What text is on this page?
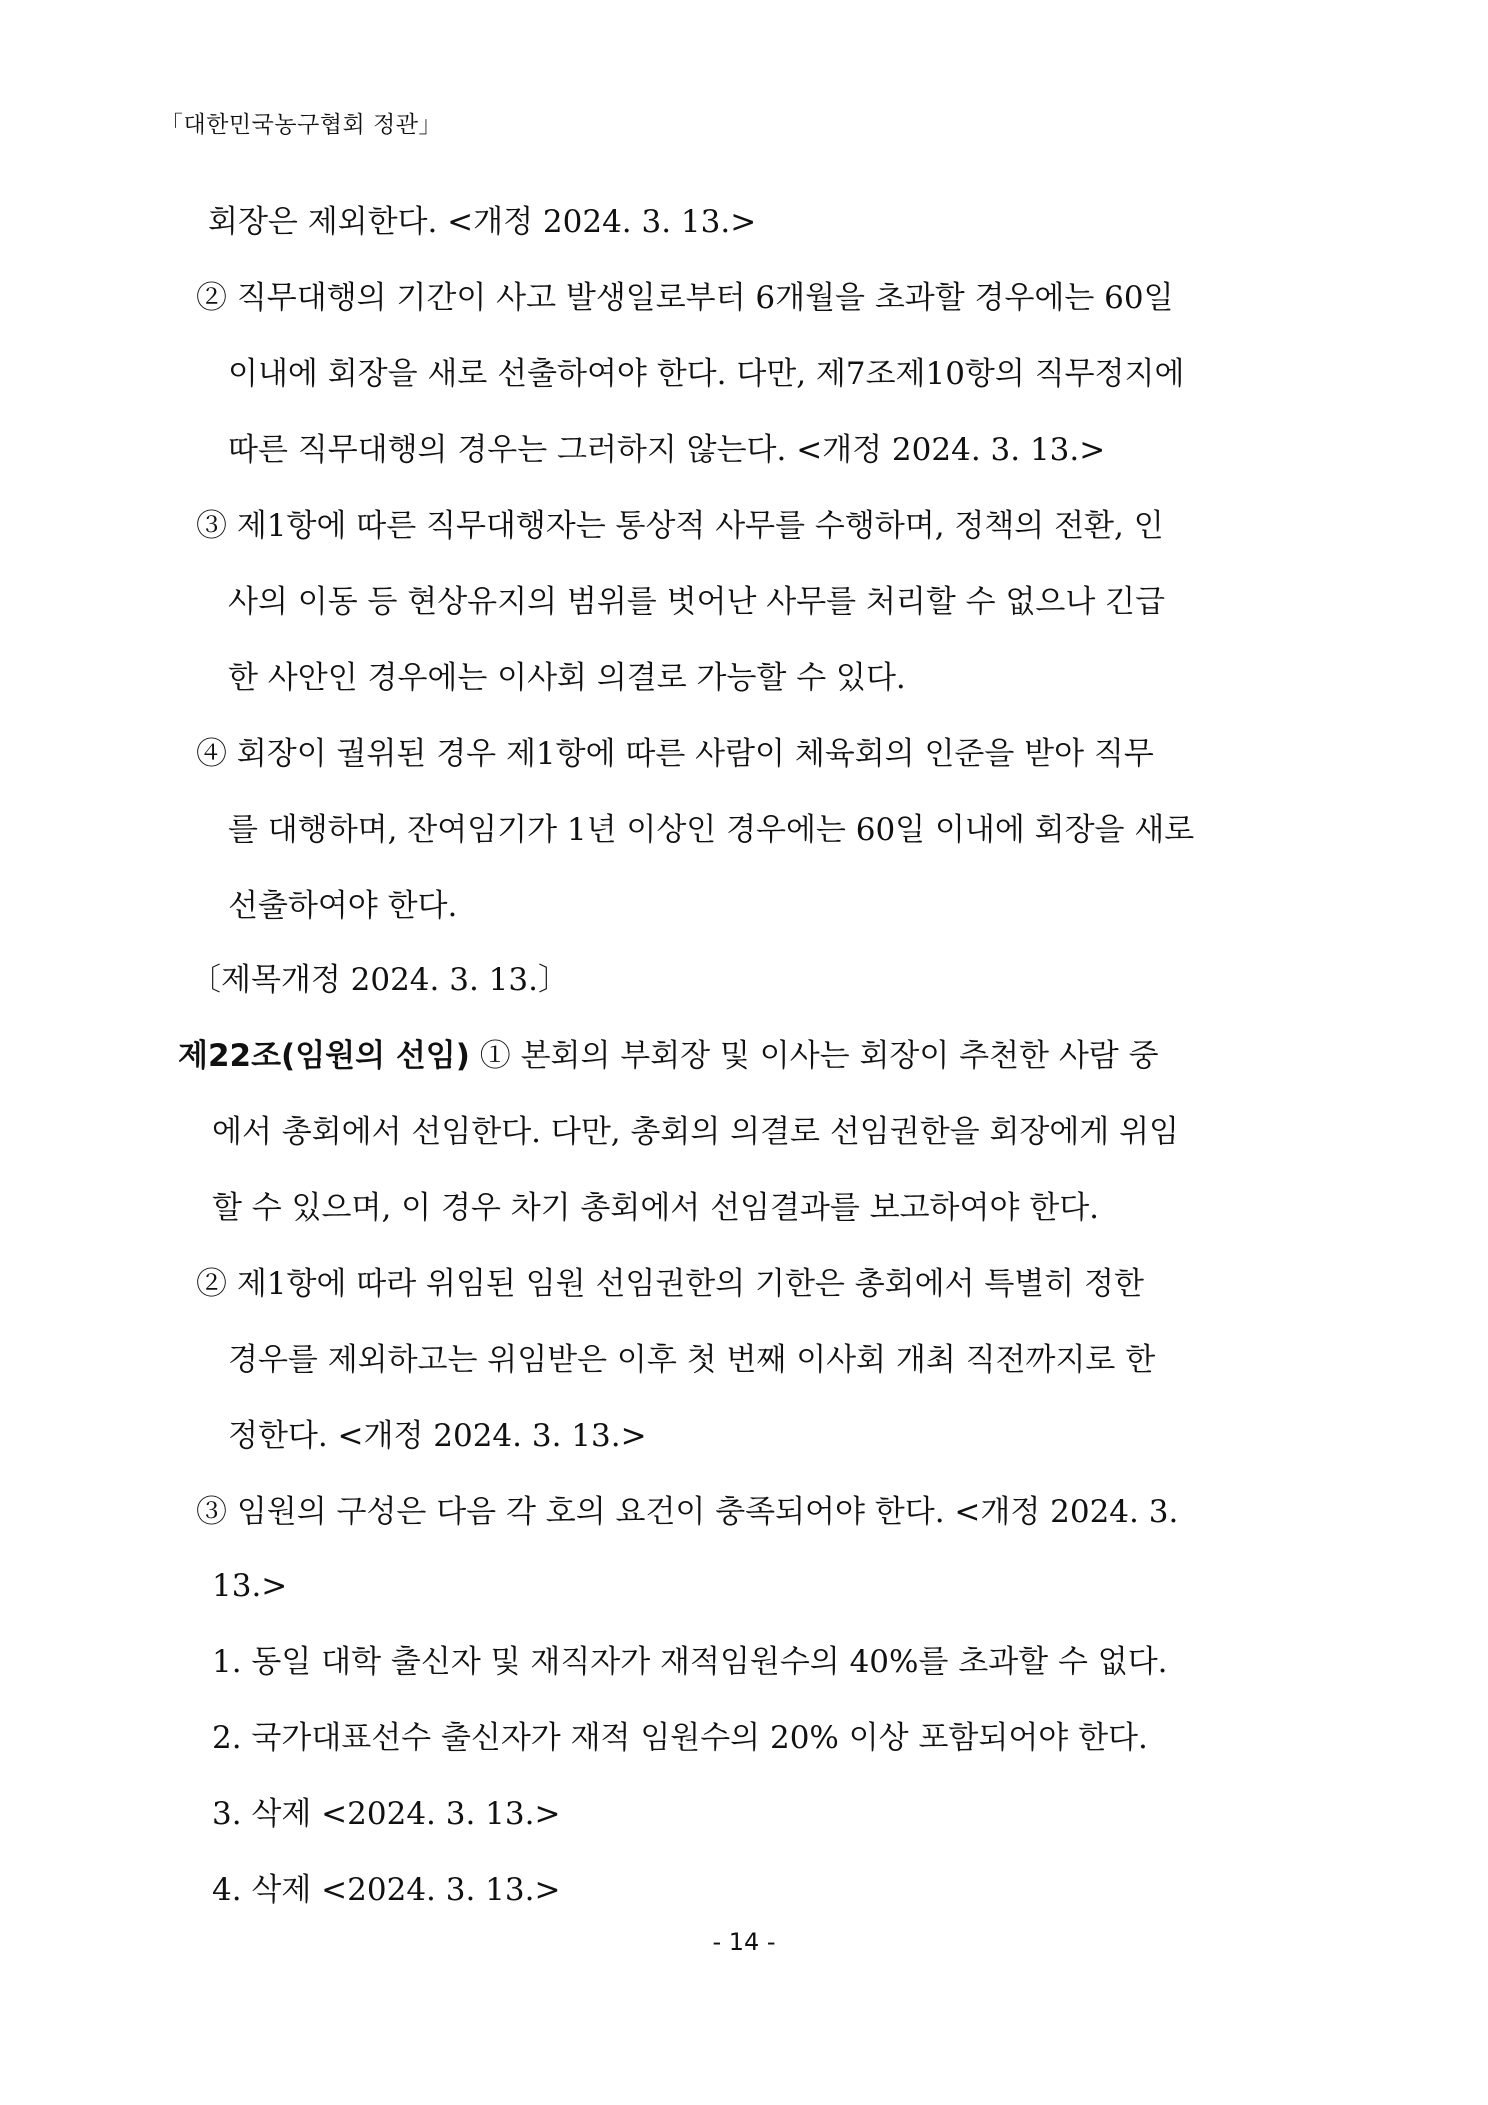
「대한민국농구협회 정관」
회장은 제외한다. <개정 2024. 3. 13.>
② 직무대행의 기간이 사고 발생일로부터 6개월을 초과할 경우에는 60일
이내에 회장을 새로 선출하여야 한다. 다만, 제7조제10항의 직무정지에
따른 직무대행의 경우는 그러하지 않는다. <개정 2024. 3. 13.>
③ 제1항에 따른 직무대행자는 통상적 사무를 수행하며, 정책의 전환, 인
사의 이동 등 현상유지의 범위를 벗어난 사무를 처리할 수 없으나 긴급
한 사안인 경우에는 이사회 의결로 가능할 수 있다.
④ 회장이 궐위된 경우 제1항에 따른 사람이 체육회의 인준을 받아 직무
를 대행하며, 잔여임기가 1년 이상인 경우에는 60일 이내에 회장을 새로
선출하여야 한다.
〔제목개정 2024. 3. 13.〕
제22조(임원의 선임) ① 본회의 부회장 및 이사는 회장이 추천한 사람 중
에서 총회에서 선임한다. 다만, 총회의 의결로 선임권한을 회장에게 위임
할 수 있으며, 이 경우 차기 총회에서 선임결과를 보고하여야 한다.
② 제1항에 따라 위임된 임원 선임권한의 기한은 총회에서 특별히 정한
경우를 제외하고는 위임받은 이후 첫 번째 이사회 개최 직전까지로 한
정한다. <개정 2024. 3. 13.>
③ 임원의 구성은 다음 각 호의 요건이 충족되어야 한다. <개정 2024. 3.
13.>
1. 동일 대학 출신자 및 재직자가 재적임원수의 40%를 초과할 수 없다.
2. 국가대표선수 출신자가 재적 임원수의 20% 이상 포함되어야 한다.
3. 삭제 <2024. 3. 13.>
4. 삭제 <2024. 3. 13.>
- 14 -
